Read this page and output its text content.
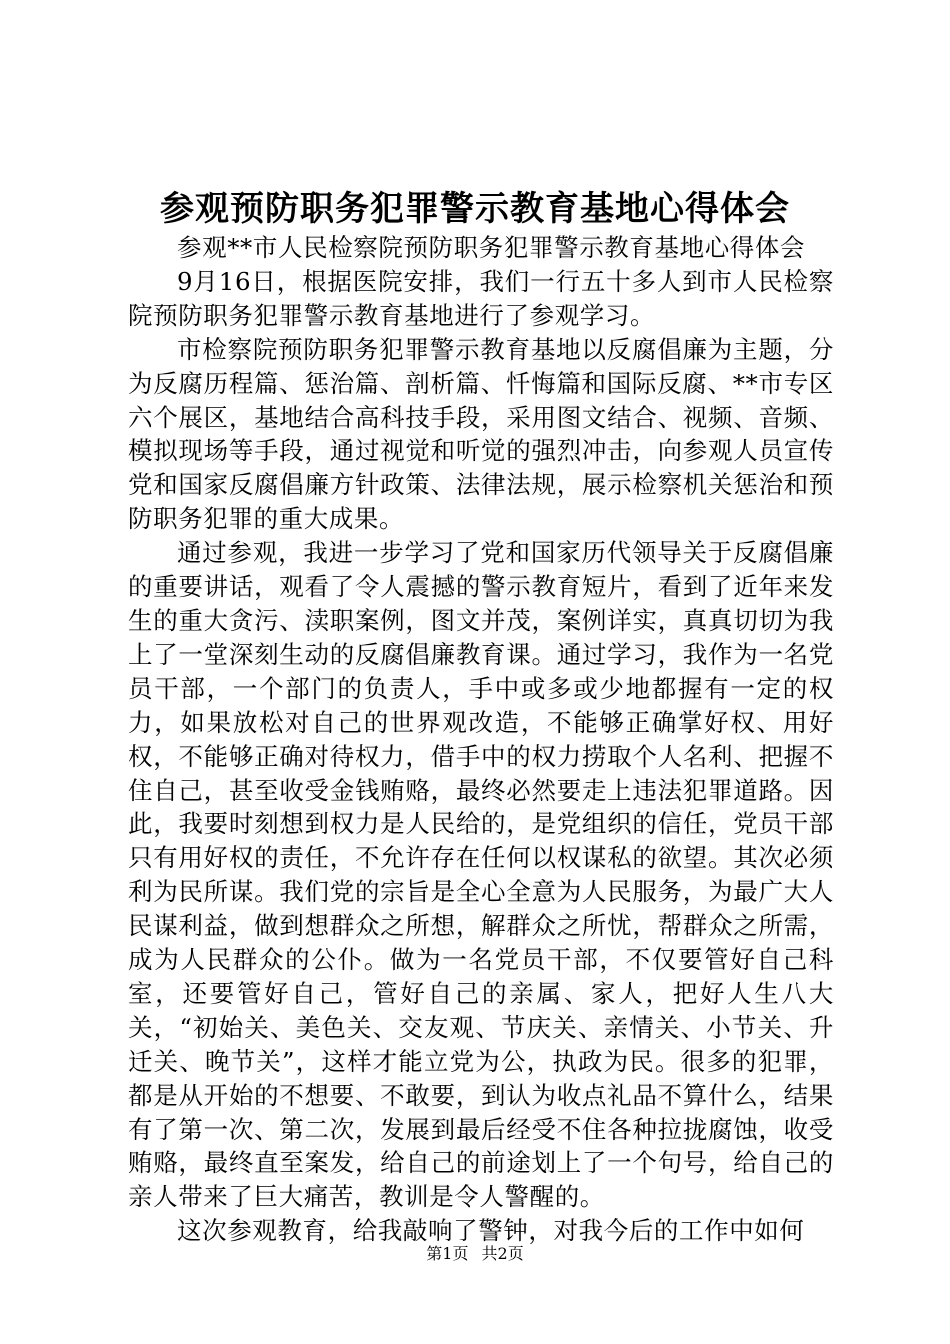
参观预防职务犯罪警示教育基地心得体会

参观**市人民检察院预防职务犯罪警示教育基地心得体会

9月16日，根据医院安排，我们一行五十多人到市人民检察院预防职务犯罪警示教育基地进行了参观学习。

市检察院预防职务犯罪警示教育基地以反腐倡廉为主题，分为反腐历程篇、惩治篇、剖析篇、忏悔篇和国际反腐、**市专区六个展区，基地结合高科技手段，采用图文结合、视频、音频、模拟现场等手段，通过视觉和听觉的强烈冲击，向参观人员宣传党和国家反腐倡廉方针政策、法律法规，展示检察机关惩治和预防职务犯罪的重大成果。

通过参观，我进一步学习了党和国家历代领导关于反腐倡廉的重要讲话，观看了令人震撼的警示教育短片，看到了近年来发生的重大贪污、渎职案例，图文并茂，案例详实，真真切切为我上了一堂深刻生动的反腐倡廉教育课。通过学习，我作为一名党员干部，一个部门的负责人，手中或多或少地都握有一定的权力，如果放松对自己的世界观改造，不能够正确掌好权、用好权，不能够正确对待权力，借手中的权力捞取个人名利、把握不住自己，甚至收受金钱贿赂，最终必然要走上违法犯罪道路。因此，我要时刻想到权力是人民给的，是党组织的信任，党员干部只有用好权的责任，不允许存在任何以权谋私的欲望。其次必须利为民所谋。我们党的宗旨是全心全意为人民服务，为最广大人民谋利益，做到想群众之所想，解群众之所忧，帮群众之所需，成为人民群众的公仆。做为一名党员干部，不仅要管好自己科室，还要管好自己，管好自己的亲属、家人，把好人生八大关，“初始关、美色关、交友观、节庆关、亲情关、小节关、升迁关、晚节关”，这样才能立党为公，执政为民。很多的犯罪，都是从开始的不想要、不敢要，到认为收点礼品不算什么，结果有了第一次、第二次，发展到最后经受不住各种拉拢腐蚀，收受贿赂，最终直至案发，给自己的前途划上了一个句号，给自己的亲人带来了巨大痛苦，教训是令人警醒的。

这次参观教育，给我敲响了警钟，对我今后的工作中如何

第1页 共2页
